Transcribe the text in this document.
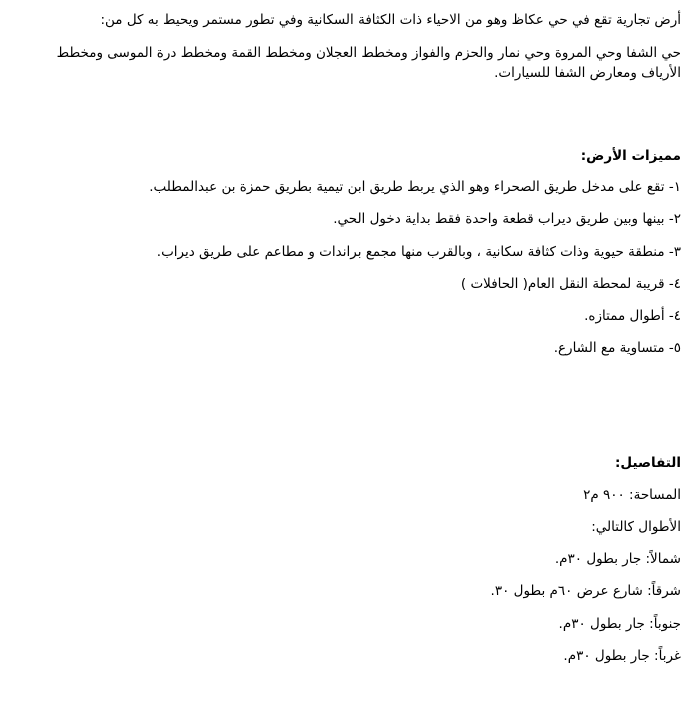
أرض تجارية تقع في حي عكاظ وهو من الاحياء ذات الكثافة السكانية وفي تطور مستمر ويحيط به كل من:

حي الشفا وحي المروة وحي نمار والحزم والفواز ومخطط العجلان ومخطط القمة ومخطط درة الموسى ومخطط

الأرياف ومعارض الشفا للسيارات.

مميزات الأرض:

١- تقع على مدخل طريق الصحراء وهو الذي يربط طريق ابن تيمية بطريق حمزة بن عبدالمطلب.

٢- بينها وبين طريق ديراب قطعة واحدة فقط بداية دخول الحي.

٣- منطقة حيوية وذات كثافة سكانية ، وبالقرب منها مجمع براندات و مطاعم على طريق ديراب.

٤- قريبة لمحطة النقل العام( الحافلات )

٤- أطوال ممتازه.

٥- متساوية مع الشارع.

التفاصيل:

المساحة: ٩٠٠ م٢

الأطوال كالتالي:

شمالاً: جار بطول ٣٠م.

شرقاً: شارع عرض ٦٠م بطول ٣٠.

جنوباً: جار بطول ٣٠م.

غرباً: جار بطول ٣٠م.
